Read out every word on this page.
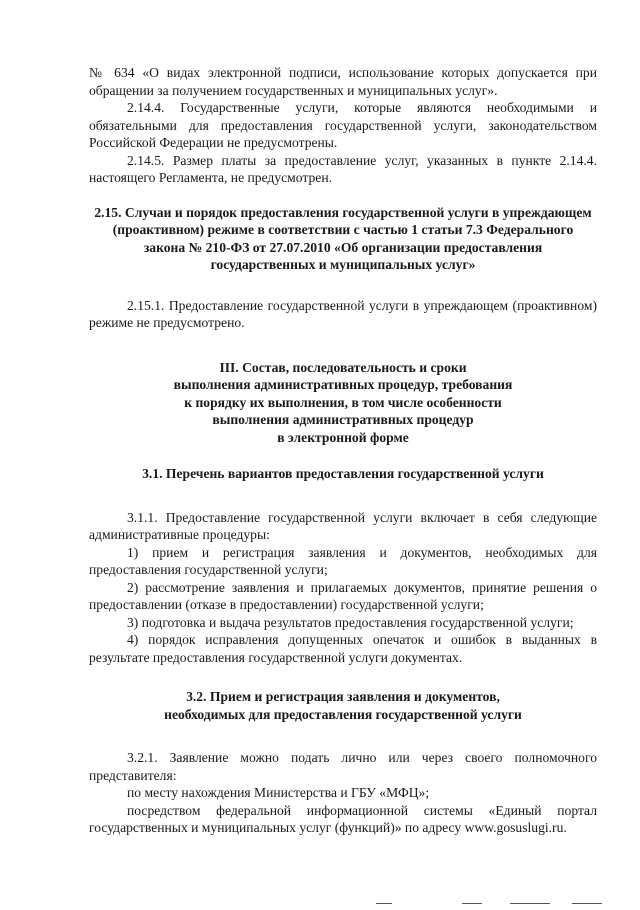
№ 634 «О видах электронной подписи, использование которых допускается при обращении за получением государственных и муниципальных услуг».

2.14.4. Государственные услуги, которые являются необходимыми и обязательными для предоставления государственной услуги, законодательством Российской Федерации не предусмотрены.

2.14.5. Размер платы за предоставление услуг, указанных в пункте 2.14.4. настоящего Регламента, не предусмотрен.

2.15. Случаи и порядок предоставления государственной услуги в упреждающем (проактивном) режиме в соответствии с частью 1 статьи 7.3 Федерального закона № 210-ФЗ от 27.07.2010 «Об организации предоставления государственных и муниципальных услуг»

2.15.1. Предоставление государственной услуги в упреждающем (проактивном) режиме не предусмотрено.

III. Состав, последовательность и сроки

выполнения административных процедур, требования

к порядку их выполнения, в том числе особенности

выполнения административных процедур

в электронной форме

3.1. Перечень вариантов предоставления государственной услуги

3.1.1. Предоставление государственной услуги включает в себя следующие административные процедуры:

1) прием и регистрация заявления и документов, необходимых для предоставления государственной услуги;

2) рассмотрение заявления и прилагаемых документов, принятие решения о предоставлении (отказе в предоставлении) государственной услуги;

3) подготовка и выдача результатов предоставления государственной услуги;

4) порядок исправления допущенных опечаток и ошибок в выданных в результате предоставления государственной услуги документах.

3.2. Прием и регистрация заявления и документов,

необходимых для предоставления государственной услуги

3.2.1. Заявление можно подать лично или через своего полномочного представителя:

по месту нахождения Министерства и ГБУ «МФЦ»;

посредством федеральной информационной системы «Единый портал государственных и муниципальных услуг (функций)» по адресу www.gosuslugi.ru.
